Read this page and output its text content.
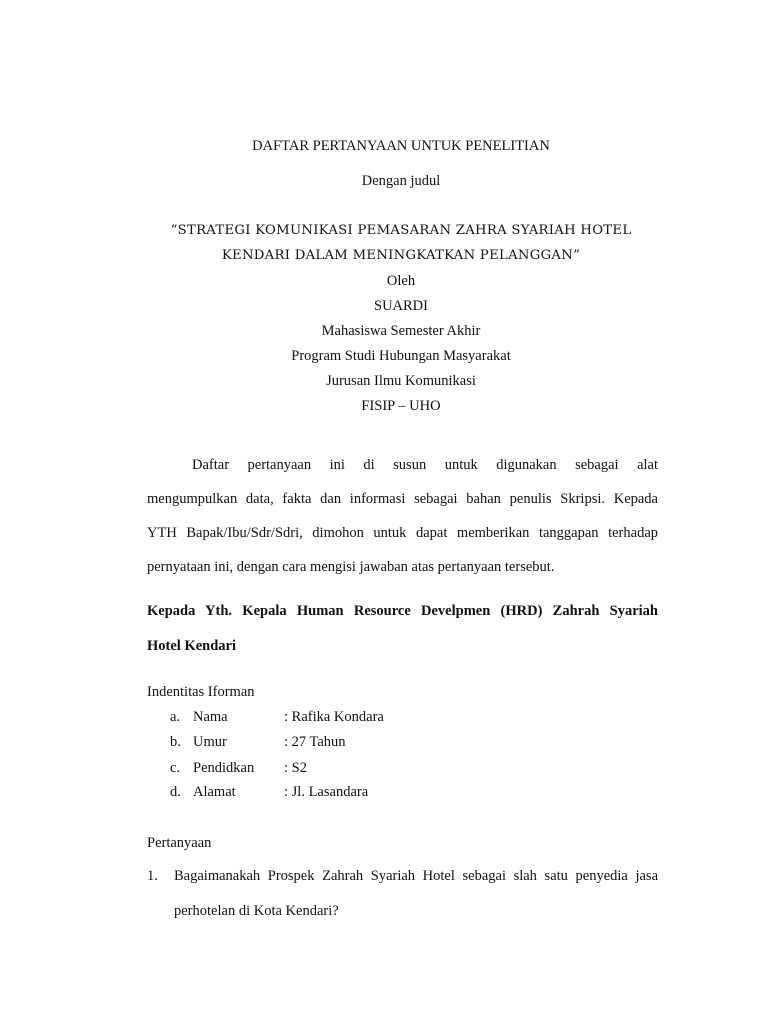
DAFTAR PERTANYAAN UNTUK PENELITIAN
Dengan judul
“STRATEGI KOMUNIKASI PEMASARAN ZAHRA SYARIAH HOTEL
KENDARI DALAM MENINGKATKAN PELANGGAN”
Oleh
SUARDI
Mahasiswa Semester Akhir
Program Studi Hubungan Masyarakat
Jurusan Ilmu Komunikasi
FISIP – UHO
Daftar pertanyaan ini di susun untuk digunakan sebagai alat
mengumpulkan data, fakta dan informasi sebagai bahan penulis Skripsi. Kepada
YTH Bapak/Ibu/Sdr/Sdri, dimohon untuk dapat memberikan tanggapan terhadap
pernyataan ini, dengan cara mengisi jawaban atas pertanyaan tersebut.
Kepada Yth. Kepala Human Resource Develpmen (HRD) Zahrah Syariah
Hotel Kendari
Indentitas Iforman
a. Nama	: Rafika Kondara
b. Umur	: 27 Tahun
c. Pendidkan : S2
d. Alamat	: Jl. Lasandara
Pertanyaan
1. Bagaimanakah Prospek Zahrah Syariah Hotel sebagai slah satu penyedia jasa
perhotelan di Kota Kendari?
